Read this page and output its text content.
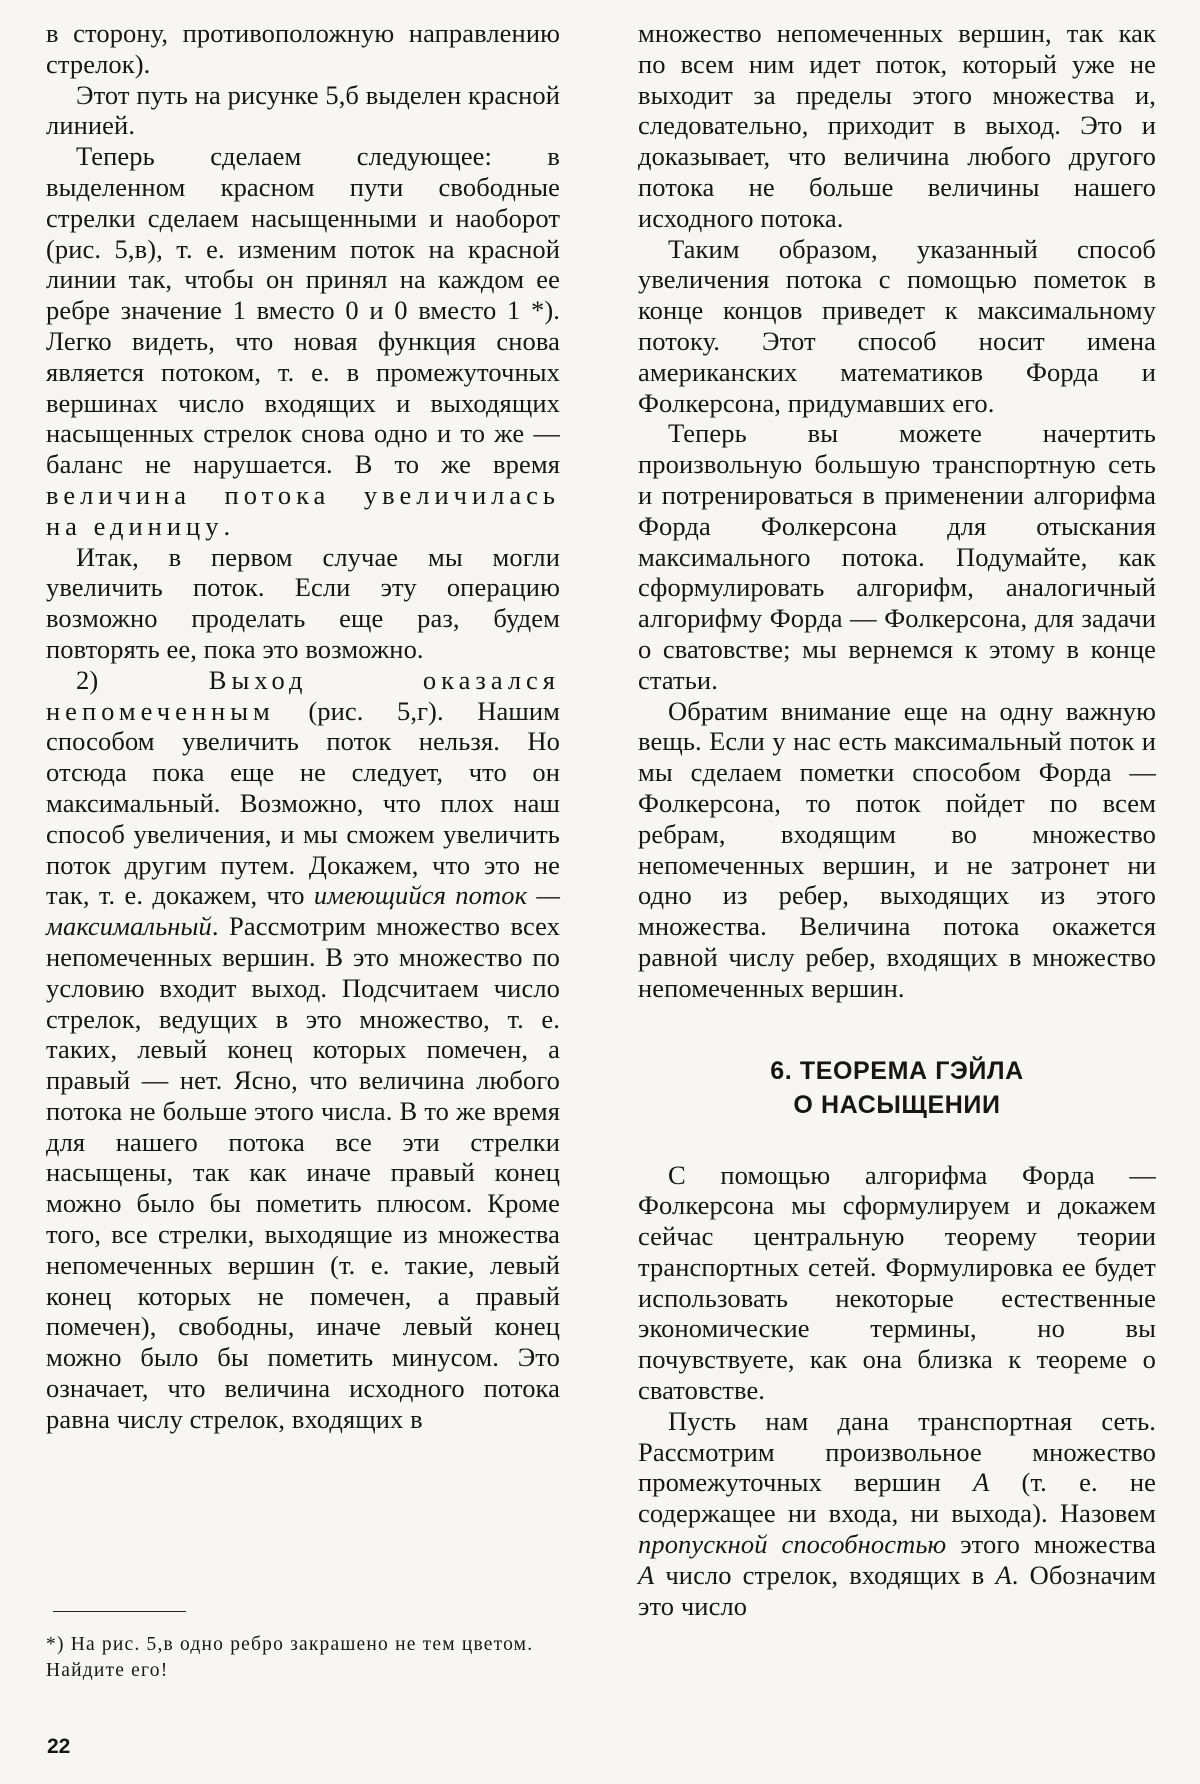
в сторону, противоположную направлению стрелок).

Этот путь на рисунке 5,б выделен красной линией.

Теперь сделаем следующее: в выделенном красном пути свободные стрелки сделаем насыщенными и наоборот (рис. 5,в), т. е. изменим поток на красной линии так, чтобы он принял на каждом ее ребре значение 1 вместо 0 и 0 вместо 1 *). Легко видеть, что новая функция снова является потоком, т. е. в промежуточных вершинах число входящих и выходящих насыщенных стрелок снова одно и то же — баланс не нарушается. В то же время величина потока увеличилась на единицу.

Итак, в первом случае мы могли увеличить поток. Если эту операцию возможно проделать еще раз, будем повторять ее, пока это возможно.

2) Выход оказался непомеченным (рис. 5,г). Нашим способом увеличить поток нельзя. Но отсюда пока еще не следует, что он максимальный. Возможно, что плох наш способ увеличения, и мы сможем увеличить поток другим путем. Докажем, что это не так, т. е. докажем, что имеющийся поток — максимальный. Рассмотрим множество всех непомеченных вершин. В это множество по условию входит выход. Подсчитаем число стрелок, ведущих в это множество, т. е. таких, левый конец которых помечен, а правый — нет. Ясно, что величина любого потока не больше этого числа. В то же время для нашего потока все эти стрелки насыщены, так как иначе правый конец можно было бы пометить плюсом. Кроме того, все стрелки, выходящие из множества непомеченных вершин (т. е. такие, левый конец которых не помечен, а правый помечен), свободны, иначе левый конец можно было бы пометить минусом. Это означает, что величина исходного потока равна числу стрелок, входящих в

множество непомеченных вершин, так как по всем ним идет поток, который уже не выходит за пределы этого множества и, следовательно, приходит в выход. Это и доказывает, что величина любого другого потока не больше величины нашего исходного потока.

Таким образом, указанный способ увеличения потока с помощью пометок в конце концов приведет к максимальному потоку. Этот способ носит имена американских математиков Форда и Фолкерсона, придумавших его.

Теперь вы можете начертить произвольную большую транспортную сеть и потренироваться в применении алгорифма Форда Фолкерсона для отыскания максимального потока. Подумайте, как сформулировать алгорифм, аналогичный алгорифму Форда — Фолкерсона, для задачи о сватовстве; мы вернемся к этому в конце статьи.

Обратим внимание еще на одну важную вещь. Если у нас есть максимальный поток и мы сделаем пометки способом Форда — Фолкерсона, то поток пойдет по всем ребрам, входящим во множество непомеченных вершин, и не затронет ни одно из ребер, выходящих из этого множества. Величина потока окажется равной числу ребер, входящих в множество непомеченных вершин.

6. ТЕОРЕМА ГЭЙЛА
О НАСЫЩЕНИИ

С помощью алгорифма Форда — Фолкерсона мы сформулируем и докажем сейчас центральную теорему теории транспортных сетей. Формулировка ее будет использовать некоторые естественные экономические термины, но вы почувствуете, как она близка к теореме о сватовстве.

Пусть нам дана транспортная сеть. Рассмотрим произвольное множество промежуточных вершин A (т. е. не содержащее ни входа, ни выхода). Назовем пропускной способностью этого множества A число стрелок, входящих в A. Обозначим это число

*) На рис. 5,в одно ребро закрашено не тем цветом. Найдите его!

22
